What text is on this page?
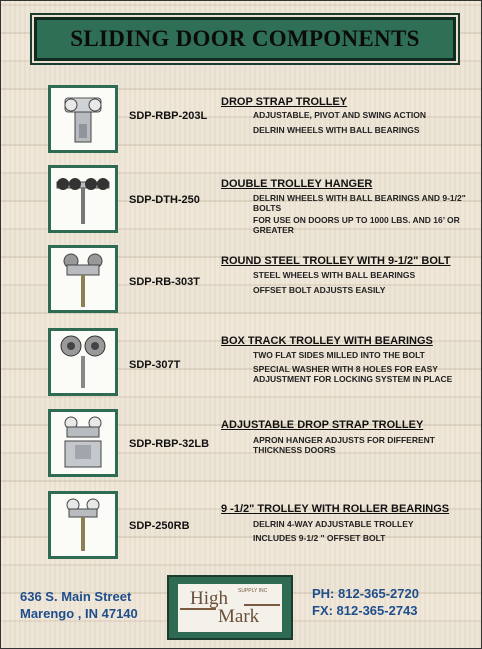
SLIDING DOOR COMPONENTS
SDP-RBP-203L
DROP STRAP TROLLEY
ADJUSTABLE, PIVOT AND SWING ACTION
DELRIN WHEELS WITH BALL BEARINGS
SDP-DTH-250
DOUBLE TROLLEY HANGER
DELRIN WHEELS WITH BALL BEARINGS AND 9-1/2" BOLTS
FOR USE ON DOORS UP TO 1000 LBS. AND 16’ OR GREATER
SDP-RB-303T
ROUND STEEL TROLLEY WITH 9-1/2" BOLT
STEEL WHEELS WITH BALL BEARINGS
OFFSET BOLT ADJUSTS EASILY
SDP-307T
BOX TRACK TROLLEY WITH BEARINGS
TWO FLAT SIDES MILLED INTO THE BOLT
SPECIAL WASHER WITH 8 HOLES FOR EASY ADJUSTMENT FOR LOCKING SYSTEM IN PLACE
SDP-RBP-32LB
ADJUSTABLE DROP STRAP TROLLEY
APRON HANGER ADJUSTS FOR DIFFERENT THICKNESS DOORS
SDP-250RB
9 -1/2" TROLLEY WITH ROLLER BEARINGS
DELRIN 4-WAY ADJUSTABLE TROLLEY
INCLUDES 9-1/2 " OFFSET BOLT
636 S. Main Street
Marengo , IN 47140
High SUPPLY INC
Mark
PH: 812-365-2720
FX: 812-365-2743
